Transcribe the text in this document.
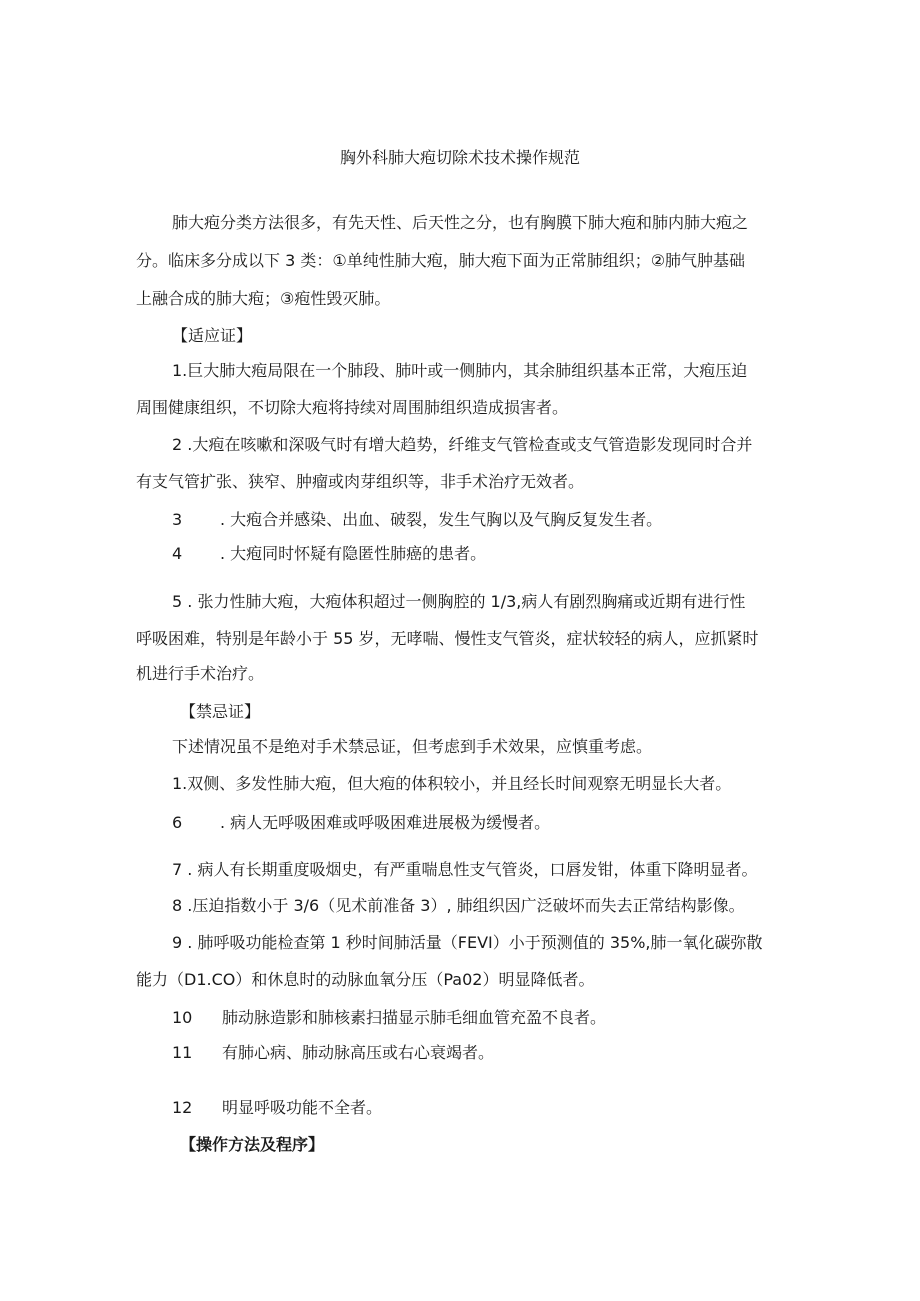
胸外科肺大疱切除术技术操作规范
肺大疱分类方法很多，有先天性、后天性之分，也有胸膜下肺大疱和肺内肺大疱之
分。临床多分成以下 3 类：①单纯性肺大疱，肺大疱下面为正常肺组织；②肺气肿基础
上融合成的肺大疱；③疱性毁灭肺。
【适应证】
1.巨大肺大疱局限在一个肺段、肺叶或一侧肺内，其余肺组织基本正常，大疱压迫
周围健康组织，不切除大疱将持续对周围肺组织造成损害者。
2 .大疱在咳嗽和深吸气时有增大趋势，纤维支气管检查或支气管造影发现同时合并
有支气管扩张、狭窄、肿瘤或肉芽组织等，非手术治疗无效者。
3 . 大疱合并感染、出血、破裂，发生气胸以及气胸反复发生者。
4 . 大疱同时怀疑有隐匿性肺癌的患者。
5 . 张力性肺大疱，大疱体积超过一侧胸腔的 1/3,病人有剧烈胸痛或近期有进行性
呼吸困难，特别是年龄小于 55 岁，无哮喘、慢性支气管炎，症状较轻的病人，应抓紧时
机进行手术治疗。
【禁忌证】
下述情况虽不是绝对手术禁忌证，但考虑到手术效果，应慎重考虑。
1.双侧、多发性肺大疱，但大疱的体积较小，并且经长时间观察无明显长大者。
6 . 病人无呼吸困难或呼吸困难进展极为缓慢者。
7 . 病人有长期重度吸烟史，有严重喘息性支气管炎，口唇发钳，体重下降明显者。
8 .压迫指数小于 3/6（见术前准备 3）, 肺组织因广泛破坏而失去正常结构影像。
9 . 肺呼吸功能检查第 1 秒时间肺活量（FEVI）小于预测值的 35%,肺一氧化碳弥散
能力（D1.CO）和休息时的动脉血氧分压（Pa02）明显降低者。
10 肺动脉造影和肺核素扫描显示肺毛细血管充盈不良者。
11 有肺心病、肺动脉高压或右心衰竭者。
12 明显呼吸功能不全者。
【操作方法及程序】
